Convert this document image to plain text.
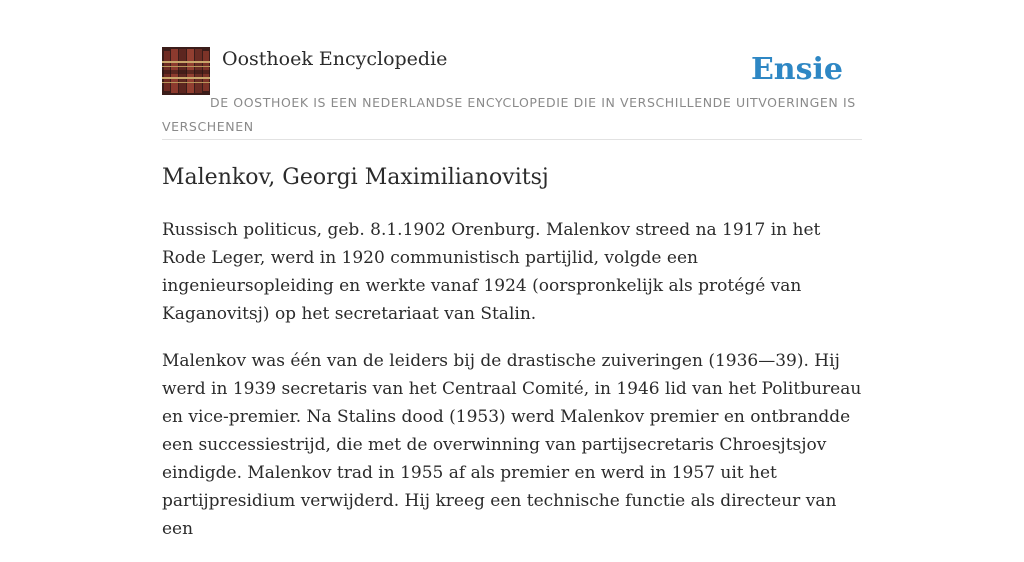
Oosthoek Encyclopedie	Ensie
DE OOSTHOEK IS EEN NEDERLANDSE ENCYCLOPEDIE DIE IN VERSCHILLENDE UITVOERINGEN IS VERSCHENEN
Malenkov, Georgi Maximilianovitsj

Russisch politicus, geb. 8.1.1902 Orenburg. Malenkov streed na 1917 in het Rode Leger, werd in 1920 communistisch partijlid, volgde een ingenieursopleiding en werkte vanaf 1924 (oorspronkelijk als protégé van Kaganovitsj) op het secretariaat van Stalin.

Malenkov was één van de leiders bij de drastische zuiveringen (1936—39). Hij werd in 1939 secretaris van het Centraal Comité, in 1946 lid van het Politbureau en vice-premier. Na Stalins dood (1953) werd Malenkov premier en ontbrandde een successiestrijd, die met de overwinning van partijsecretaris Chroesjtsjov eindigde. Malenkov trad in 1955 af als premier en werd in 1957 uit het partijpresidium verwijderd. Hij kreeg een technische functie als directeur van een
